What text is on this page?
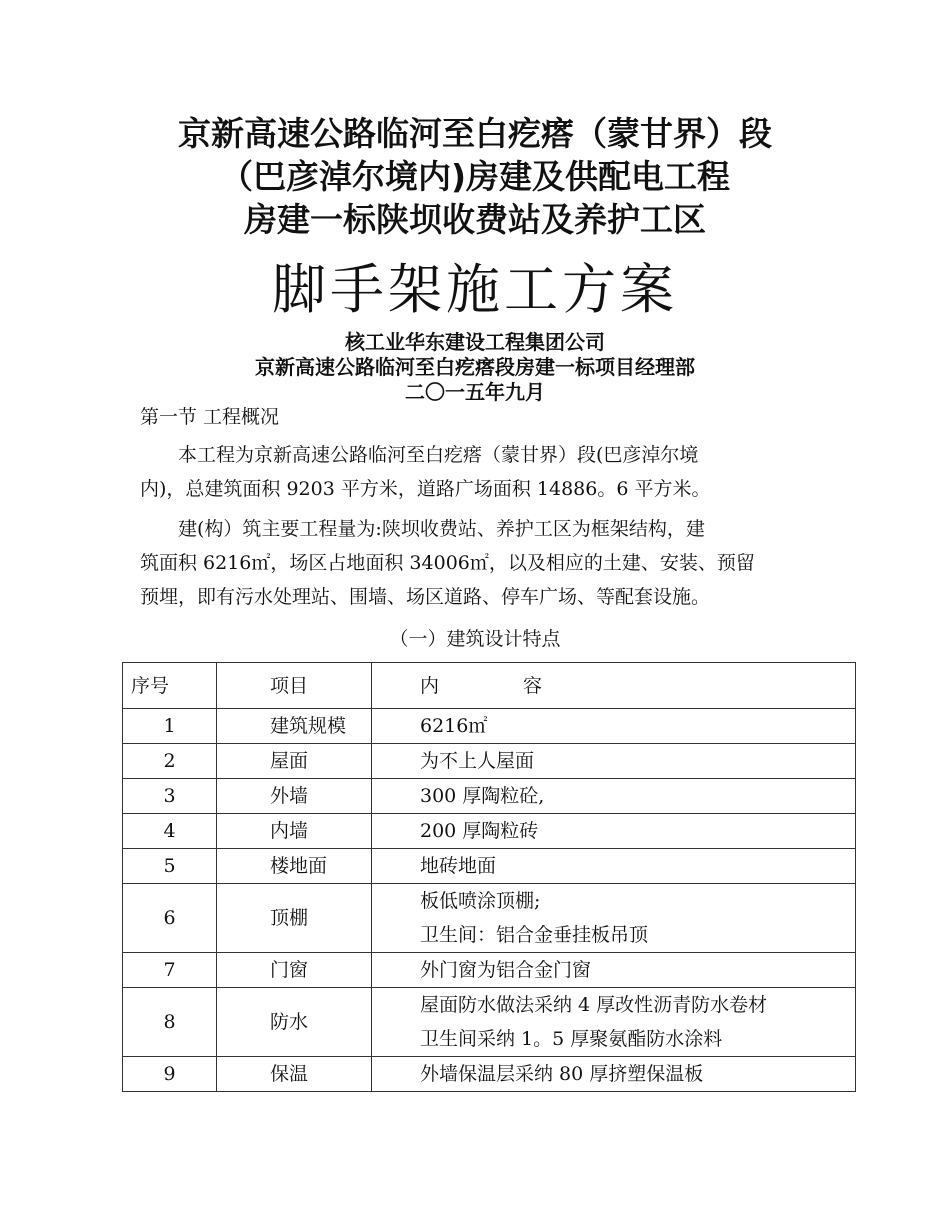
京新高速公路临河至白疙瘩（蒙甘界）段
（巴彦淖尔境内)房建及供配电工程
房建一标陕坝收费站及养护工区
脚手架施工方案
核工业华东建设工程集团公司
京新高速公路临河至白疙瘩段房建一标项目经理部
二〇一五年九月
第一节 工程概况

本工程为京新高速公路临河至白疙瘩（蒙甘界）段(巴彦淖尔境

内)，总建筑面积 9203 平方米，道路广场面积 14886。6 平方米。

建(构）筑主要工程量为:陕坝收费站、养护工区为框架结构，建

筑面积 6216㎡，场区占地面积 34006㎡，以及相应的土建、安装、预留

预埋，即有污水处理站、围墙、场区道路、停车广场、等配套设施。

（一）建筑设计特点
序号	项目	内 容
1	建筑规模	6216㎡

2	屋面	为不上人屋面

3	外墙	300 厚陶粒砼,

4	内墙	200 厚陶粒砖

5	楼地面	地砖地面

6	顶棚	板低喷涂顶棚;
卫生间：铝合金垂挂板吊顶

7	门窗	外门窗为铝合金门窗

8	防水	屋面防水做法采纳 4 厚改性沥青防水卷材
卫生间采纳 1。5 厚聚氨酯防水涂料

9	保温	外墙保温层采纳 80 厚挤塑保温板
